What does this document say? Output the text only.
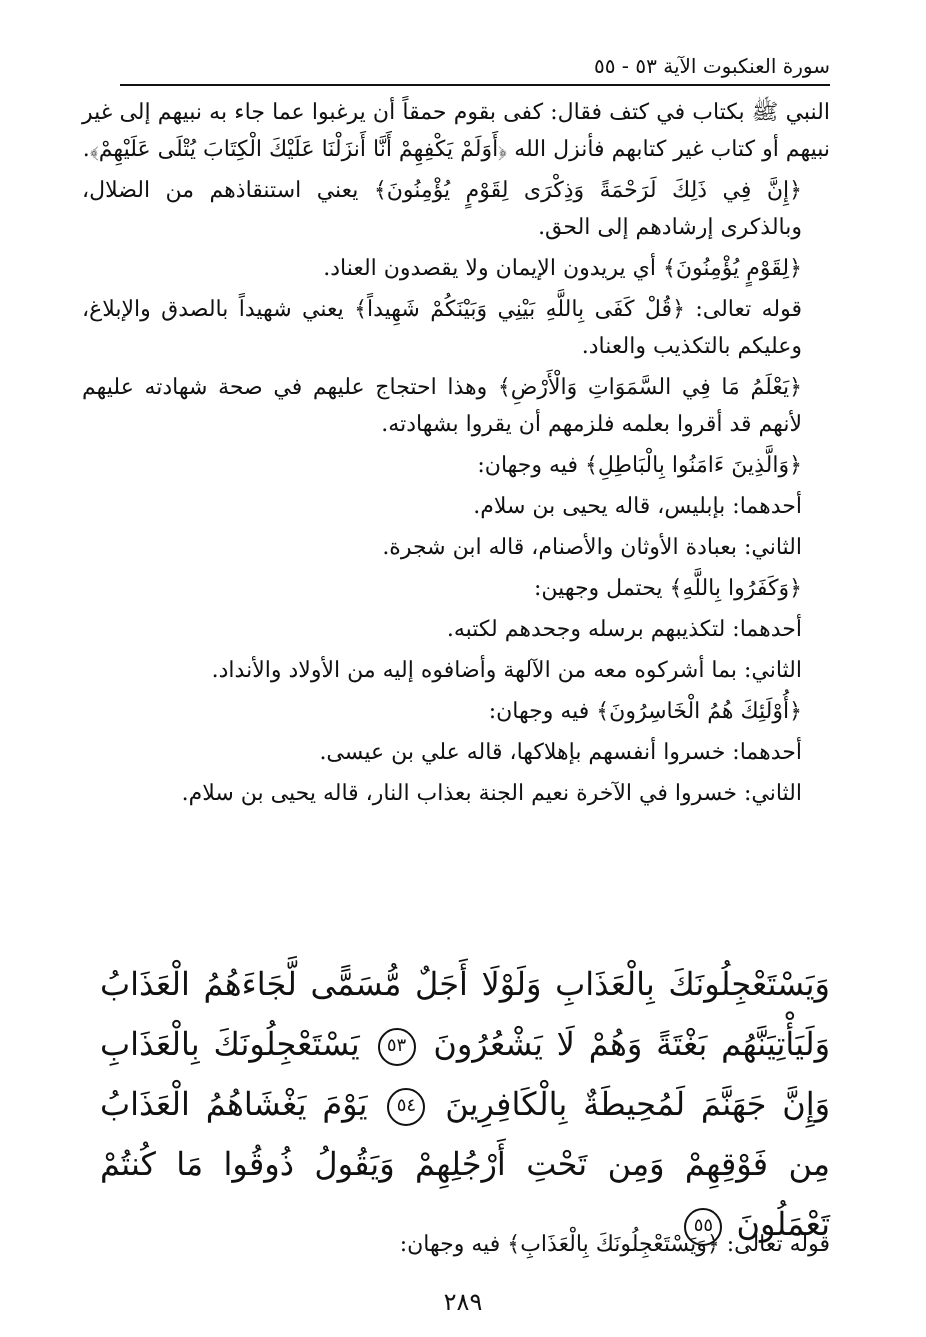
سورة العنكبوت الآية ٥٣ - ٥٥

النبي ﷺ بكتاب في كتف فقال: كفى بقوم حمقاً أن يرغبوا عما جاء به نبيهم إلى غير نبيهم أو كتاب غير كتابهم فأنزل الله ﴿أَوَلَمْ يَكْفِهِمْ أَنَّا أَنزَلْنَا عَلَيْكَ الْكِتَابَ يُتْلَى عَلَيْهِمْ﴾.

﴿إِنَّ فِي ذَلِكَ لَرَحْمَةً وَذِكْرَى لِقَوْمٍ يُؤْمِنُونَ﴾ يعني استنقاذهم من الضلال، وبالذكرى إرشادهم إلى الحق.

﴿لِقَوْمٍ يُؤْمِنُونَ﴾ أي يريدون الإيمان ولا يقصدون العناد.

قوله تعالى: ﴿قُلْ كَفَى بِاللَّهِ بَيْنِي وَبَيْنَكُمْ شَهِيداً﴾ يعني شهيداً بالصدق والإبلاغ، وعليكم بالتكذيب والعناد.

﴿يَعْلَمُ مَا فِي السَّمَوَاتِ وَالْأَرْضِ﴾ وهذا احتجاج عليهم في صحة شهادته عليهم لأنهم قد أقروا بعلمه فلزمهم أن يقروا بشهادته.

﴿وَالَّذِينَ ءَامَنُوا بِالْبَاطِلِ﴾ فيه وجهان:

أحدهما: بإبليس، قاله يحيى بن سلام.

الثاني: بعبادة الأوثان والأصنام، قاله ابن شجرة.

﴿وَكَفَرُوا بِاللَّهِ﴾ يحتمل وجهين:

أحدهما: لتكذيبهم برسله وجحدهم لكتبه.

الثاني: بما أشركوه معه من الآلهة وأضافوه إليه من الأولاد والأنداد.

﴿أُوْلَئِكَ هُمُ الْخَاسِرُونَ﴾ فيه وجهان:

أحدهما: خسروا أنفسهم بإهلاكها، قاله علي بن عيسى.

الثاني: خسروا في الآخرة نعيم الجنة بعذاب النار، قاله يحيى بن سلام.

وَيَسْتَعْجِلُونَكَ بِالْعَذَابِ وَلَوْلَا أَجَلٌ مُّسَمًّى لَّجَاءَهُمُ الْعَذَابُ وَلَيَأْتِيَنَّهُم بَغْتَةً وَهُمْ لَا يَشْعُرُونَ ٥٣ يَسْتَعْجِلُونَكَ بِالْعَذَابِ وَإِنَّ جَهَنَّمَ لَمُحِيطَةٌ بِالْكَافِرِينَ ٥٤ يَوْمَ يَغْشَاهُمُ الْعَذَابُ مِن فَوْقِهِمْ وَمِن تَحْتِ أَرْجُلِهِمْ وَيَقُولُ ذُوقُوا مَا كُنتُمْ تَعْمَلُونَ ٥٥
قوله تعالى: ﴿وَيَسْتَعْجِلُونَكَ بِالْعَذَابِ﴾ فيه وجهان:
٢٨٩
